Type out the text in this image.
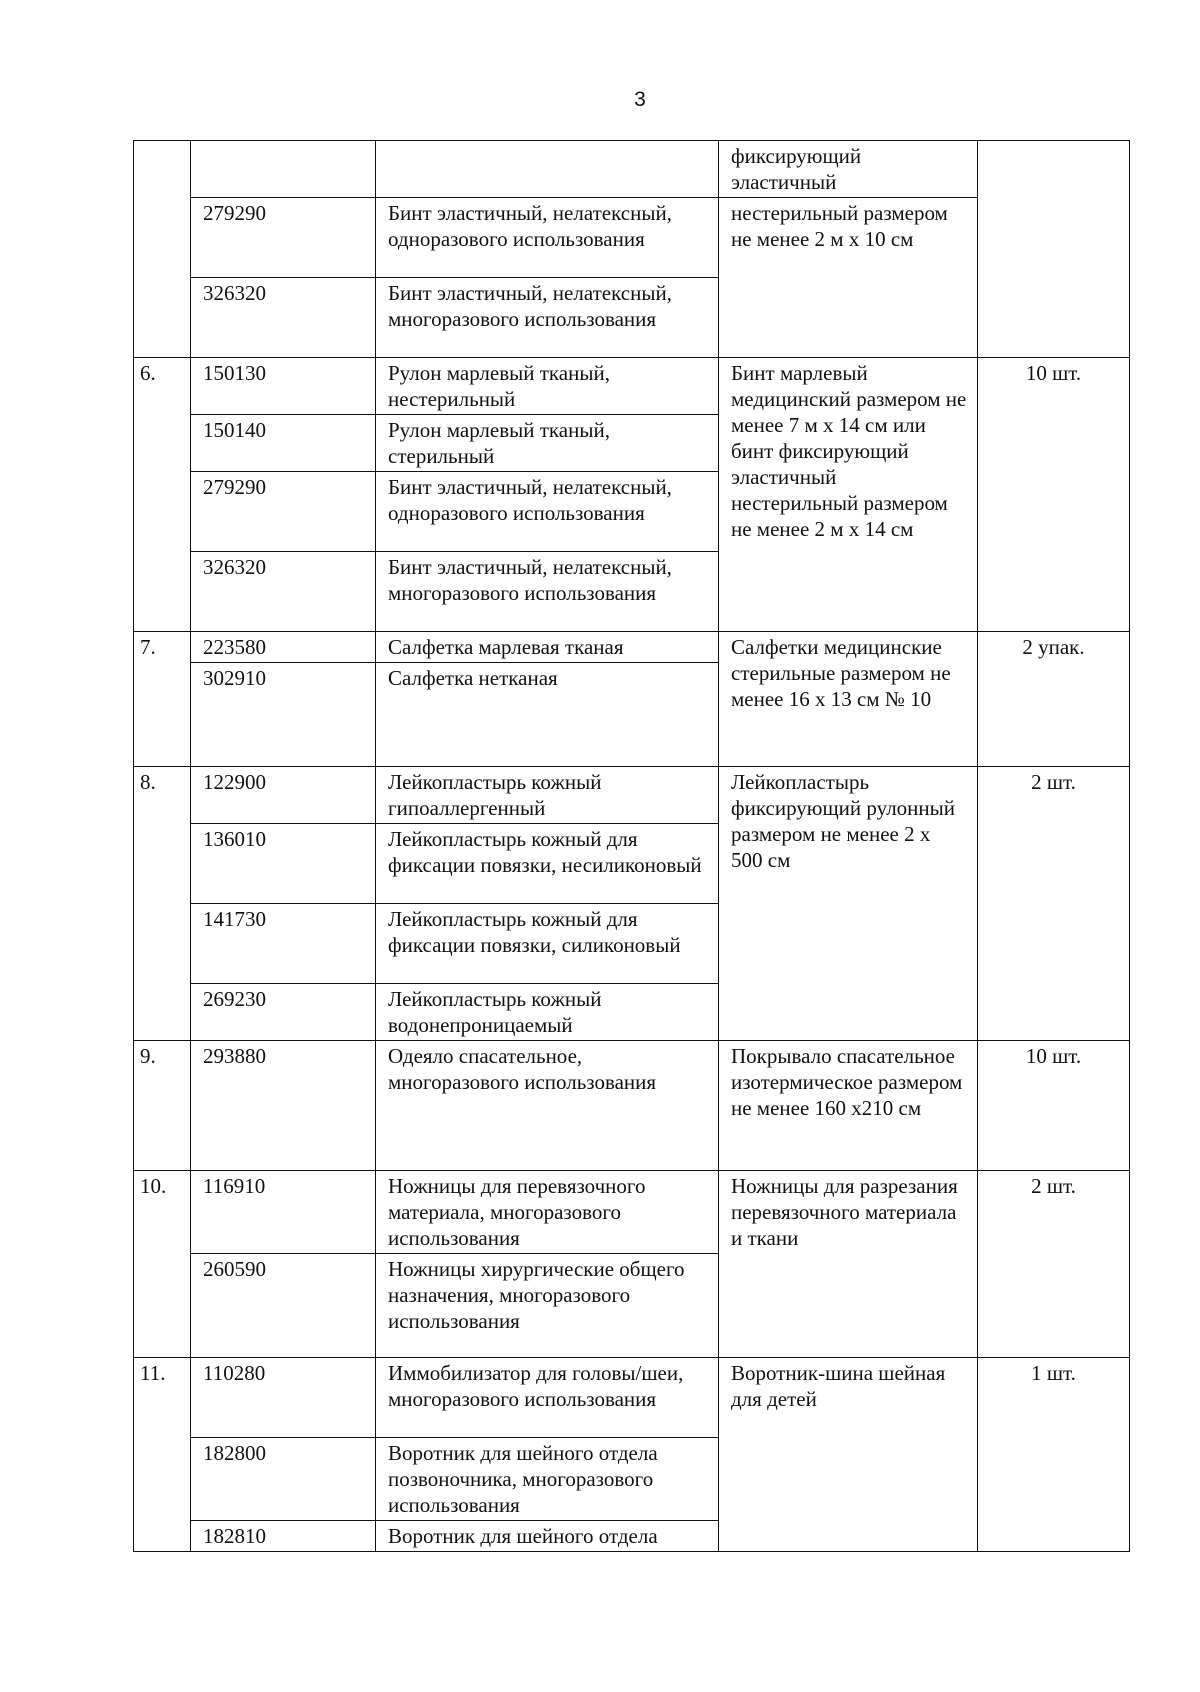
3
			фиксирующий эластичный	
	279290	Бинт эластичный, нелатексный, одноразового использования	нестерильный размером не менее 2 м х 10 см	
	326320	Бинт эластичный, нелатексный, многоразового использования		
6.	150130	Рулон марлевый тканый, нестерильный	Бинт марлевый медицинский размером не менее 7 м х 14 см или бинт фиксирующий эластичный нестерильный размером не менее 2 м х 14 см	10 шт.
	150140	Рулон марлевый тканый, стерильный		
	279290	Бинт эластичный, нелатексный, одноразового использования		
	326320	Бинт эластичный, нелатексный, многоразового использования		
7.	223580	Салфетка марлевая тканая	Салфетки медицинские стерильные размером не менее 16 х 13 см № 10	2 упак.
	302910	Салфетка нетканая		
8.	122900	Лейкопластырь кожный гипоаллергенный	Лейкопластырь фиксирующий рулонный размером не менее 2 х 500 см	2 шт.
	136010	Лейкопластырь кожный для фиксации повязки, несиликоновый		
	141730	Лейкопластырь кожный для фиксации повязки, силиконовый		
	269230	Лейкопластырь кожный водонепроницаемый		
9.	293880	Одеяло спасательное, многоразового использования	Покрывало спасательное изотермическое размером не менее 160 х210 см	10 шт.
10.	116910	Ножницы для перевязочного материала, многоразового использования	Ножницы для разрезания перевязочного материала и ткани	2 шт.
	260590	Ножницы хирургические общего назначения, многоразового использования		
11.	110280	Иммобилизатор для головы/шеи, многоразового использования	Воротник-шина шейная для детей	1 шт.
	182800	Воротник для шейного отдела позвоночника, многоразового использования		
	182810	Воротник для шейного отдела		
